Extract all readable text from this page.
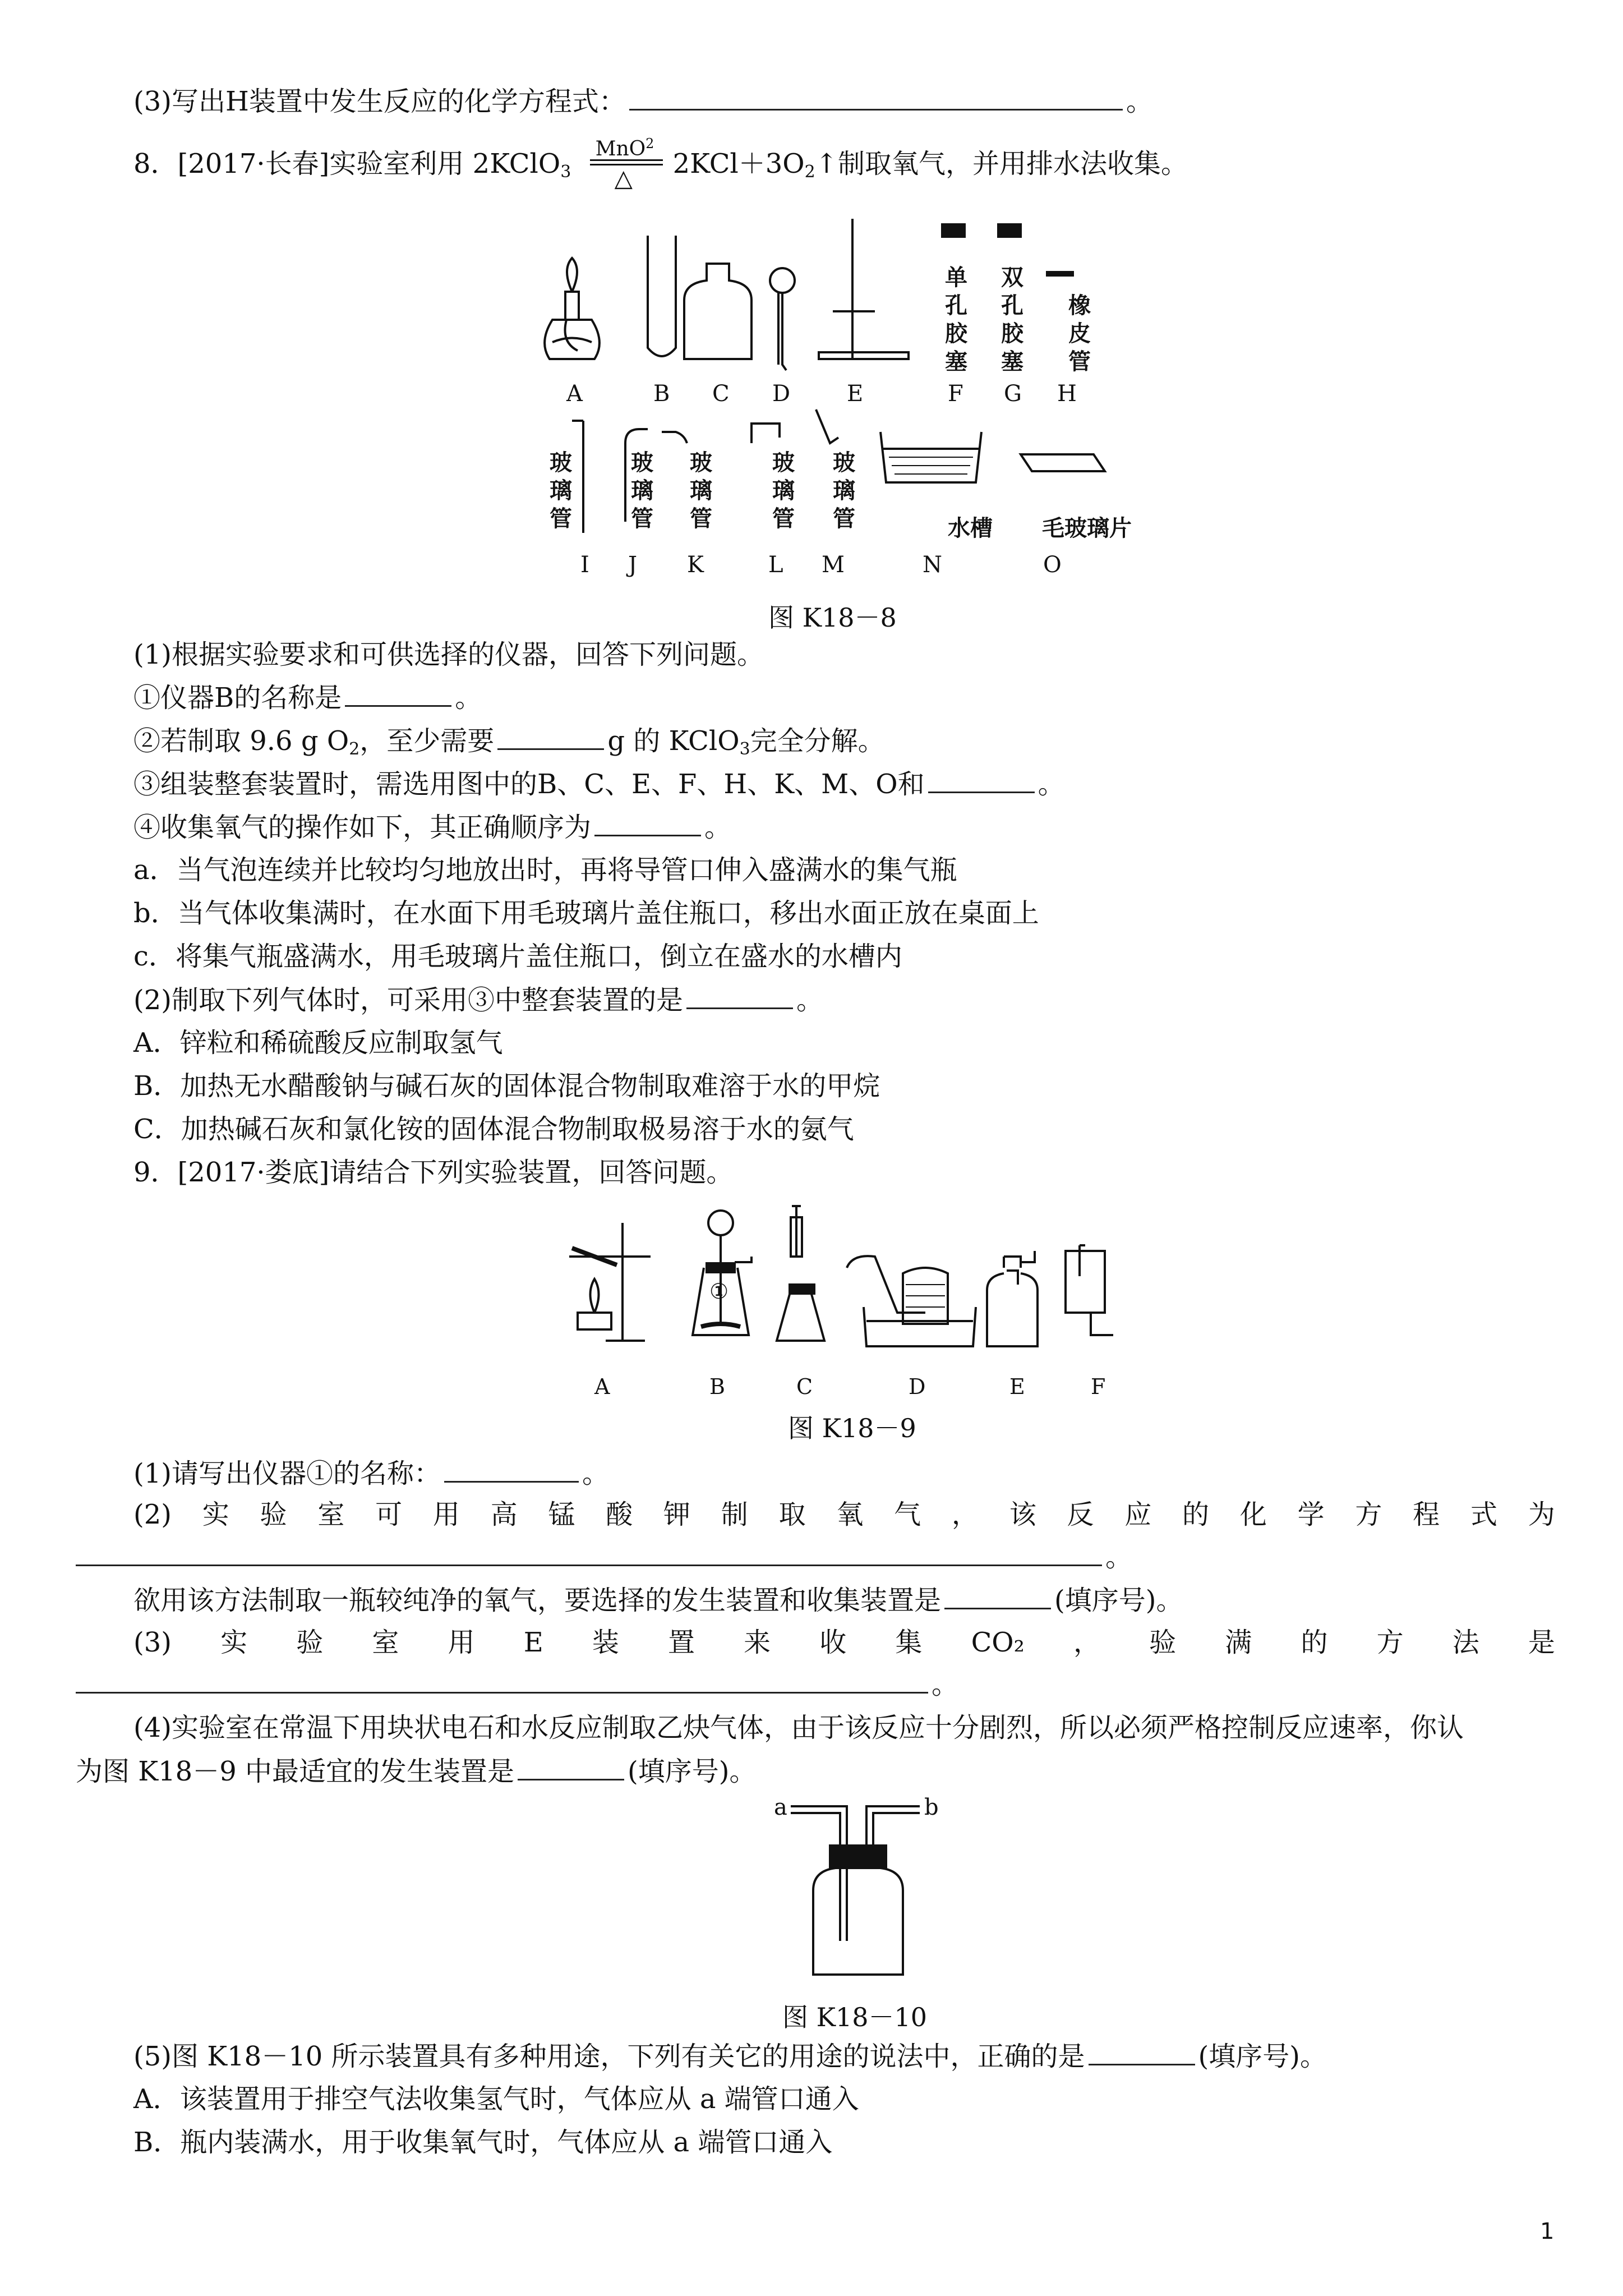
(3)写出H装置中发生反应的化学方程式：	。
8．[2017·长春]实验室利用 2KClO$_3$
MnO$^2$
△ $2KCl+3O_2↑$制取氧气，并用排水法收集。
A	B C D	E	F G H
I J K	L M	N	O
单孔胶塞
双孔胶塞
橡皮管
玻璃管
玻璃管
玻璃管
玻璃管
玻璃管	水槽 毛玻璃片
图 K18－8
(1)根据实验要求和可供选择的仪器，回答下列问题。
①仪器B的名称是	。
②若制取 9.6 g $O_2$，至少需要	g 的 KClO$_3$完全分解。
③组装整套装置时，需选用图中的B、C、E、F、H、K、M、O和	。
④收集氧气的操作如下，其正确顺序为	。
a．当气泡连续并比较均匀地放出时，再将导管口伸入盛满水的集气瓶
b．当气体收集满时，在水面下用毛玻璃片盖住瓶口，移出水面正放在桌面上
c．将集气瓶盛满水，用毛玻璃片盖住瓶口，倒立在盛水的水槽内
(2)制取下列气体时，可采用③中整套装置的是	。
A．锌粒和稀硫酸反应制取氢气
B．加热无水醋酸钠与碱石灰的固体混合物制取难溶于水的甲烷
C．加热碱石灰和氯化铵的固体混合物制取极易溶于水的氨气
9．[2017·娄底]请结合下列实验装置，回答问题。
①
A	B	C	D	E	F
图 K18－9
(1)请写出仪器①的名称：	。
(2) 实 验 室 可 用 高 锰 酸 钾 制 取 氧 气 ， 该 反 应 的 化 学 方 程 式 为
。
欲用该方法制取一瓶较纯净的氧气，要选择的发生装置和收集装置是	(填序号)。
(3) 实 验 室 用 E 装 置 来 收 集 CO₂ ， 验 满 的 方 法 是
。
(4)实验室在常温下用块状电石和水反应制取乙炔气体，由于该反应十分剧烈，所以必须严格控制反应速率，你认
为图 K18－9 中最适宜的发生装置是	(填序号)。
a	b
图 K18－10
(5)图 K18－10 所示装置具有多种用途，下列有关它的用途的说法中，正确的是	(填序号)。
A．该装置用于排空气法收集氢气时，气体应从 a 端管口通入
B．瓶内装满水，用于收集氧气时，气体应从 a 端管口通入
1
